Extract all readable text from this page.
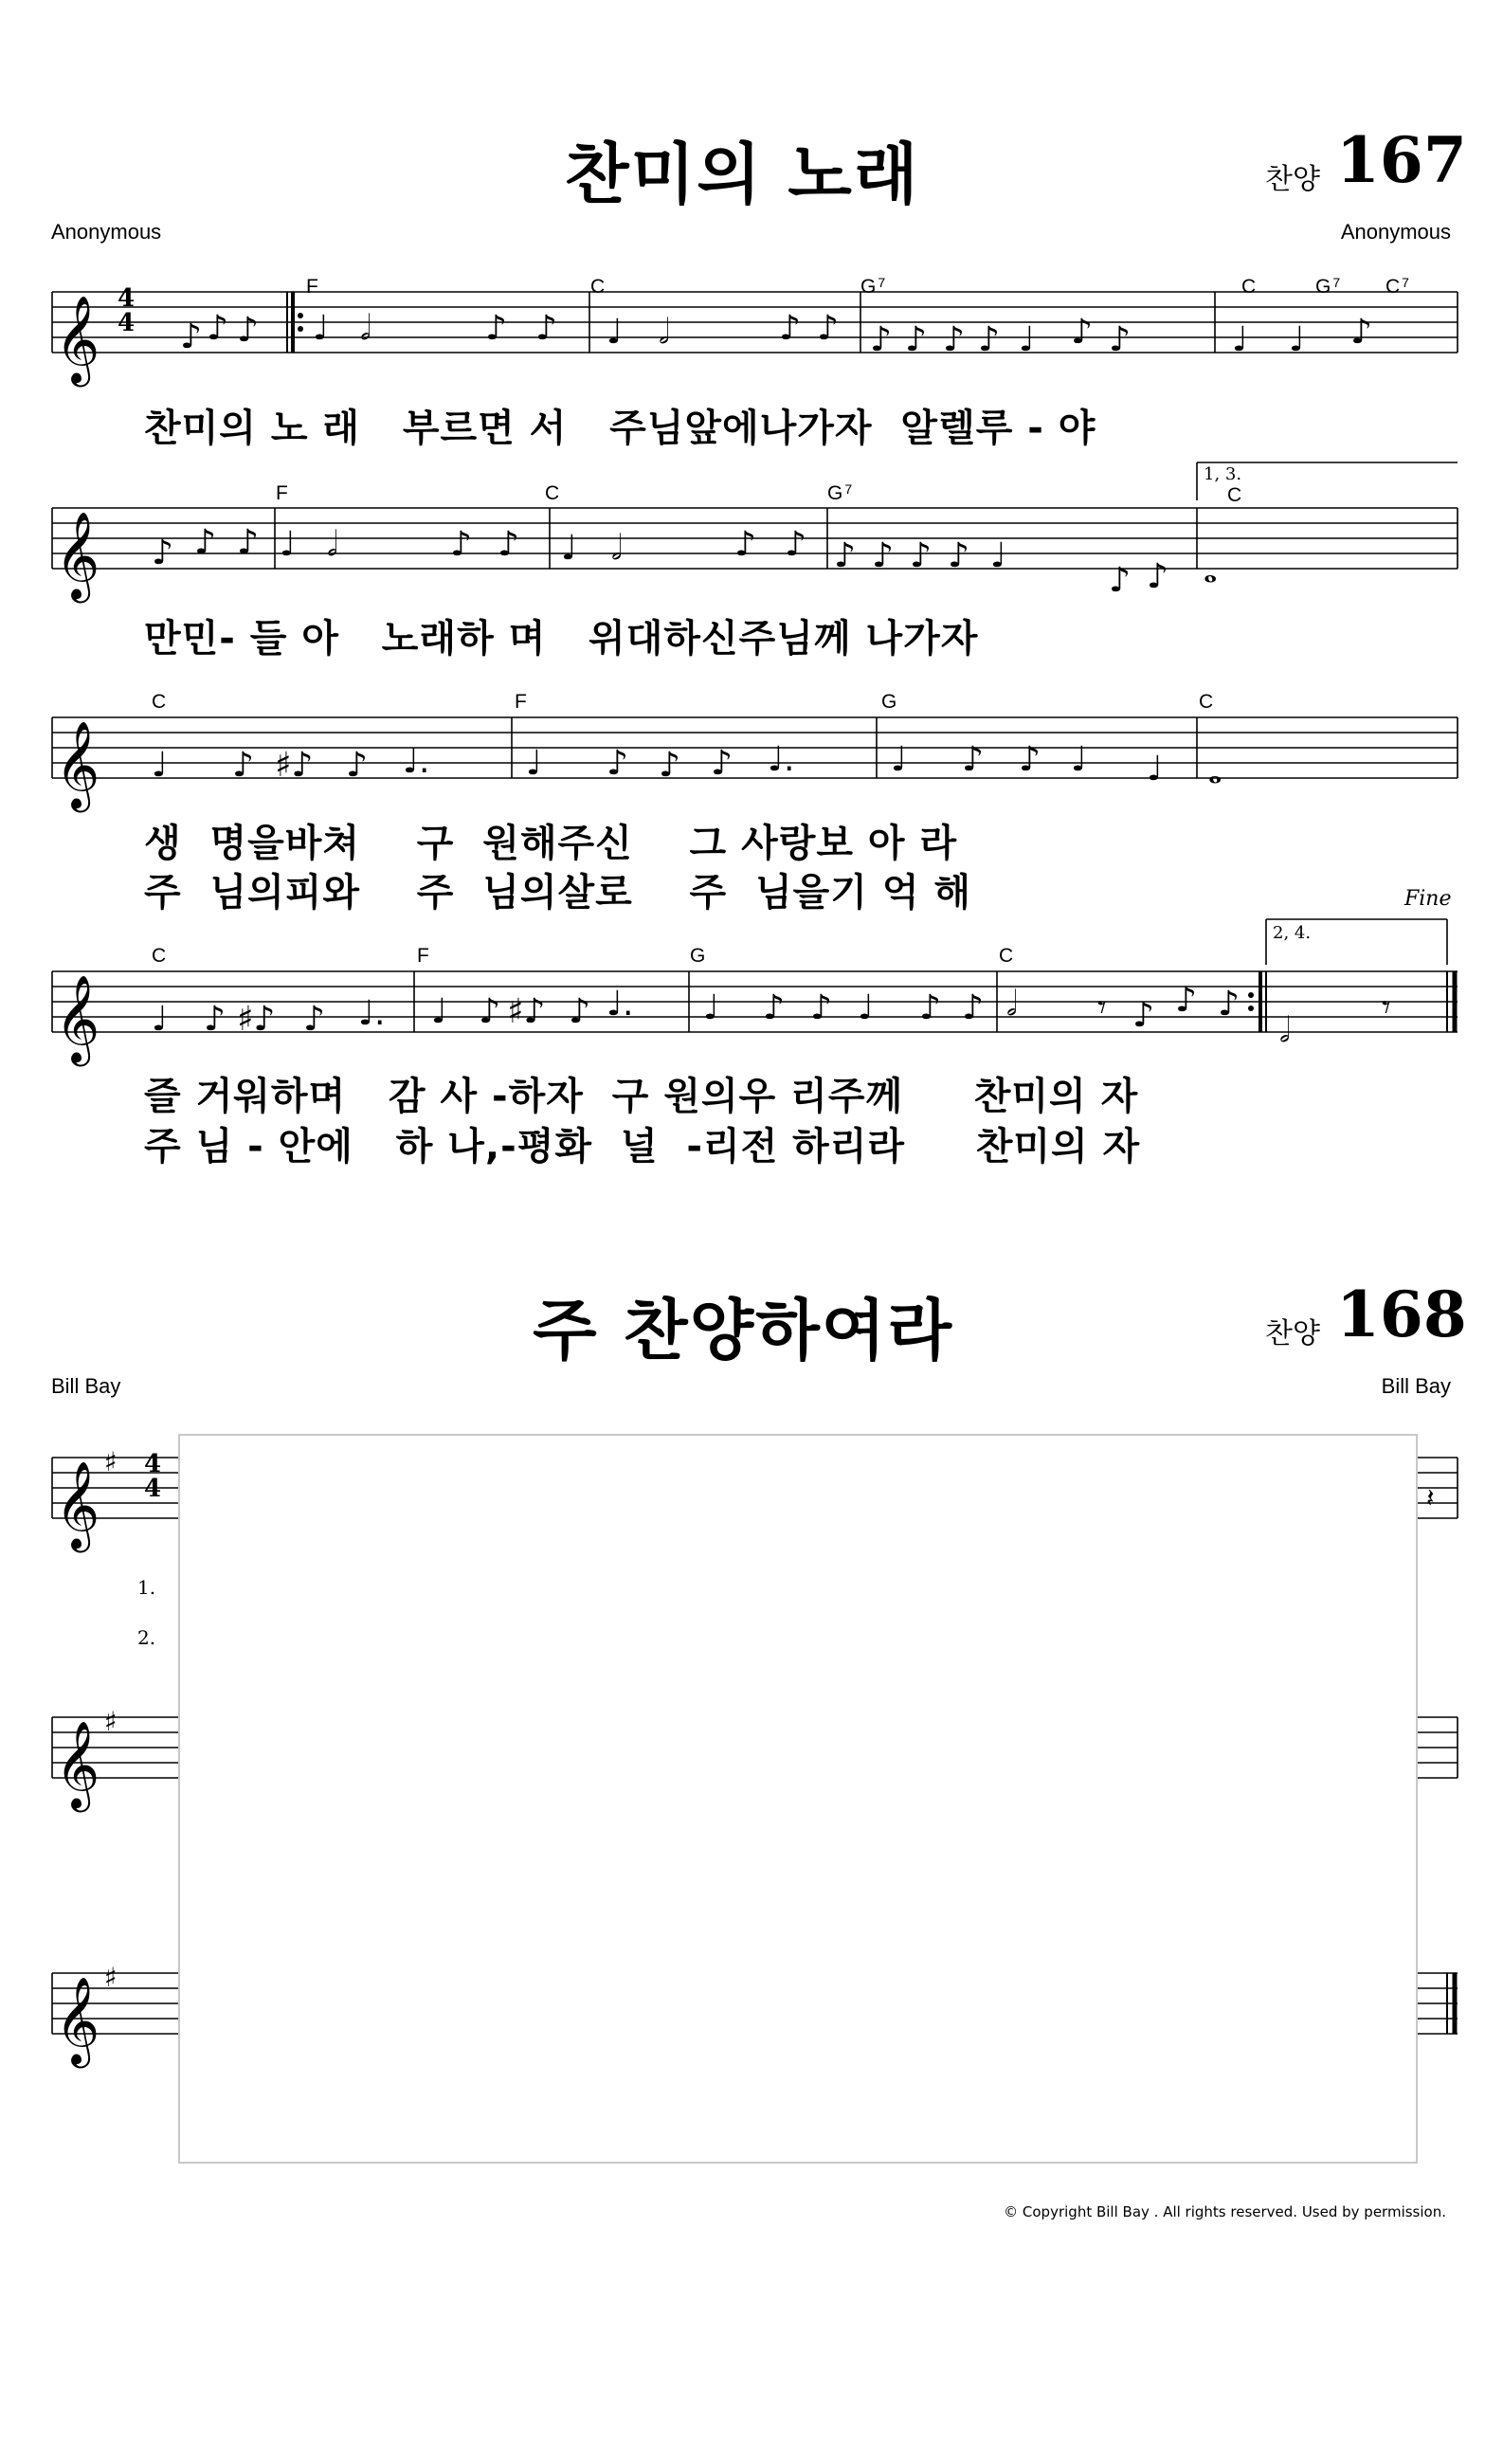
찬미의 노래	찬양 167
Anonymous	Anonymous
𝄞 ♪ ♪ ♪ ♩ 𝅗𝅥	♪ ♪ ♩ 𝅗𝅥	♪ ♪ ♪ ♪ ♪ ♪ ♩ ♪ ♪	♩ ♩ ♪
4
4
F	C	G $^7$	C	G $^7$ C $^7$
찬미의 노 래   부르면 서   주님앞에나가자  알렐루 - 야
𝄞 ♪ ♪ ♪ ♩ 𝅗𝅥	♪ ♪ ♩ 𝅗𝅥	♪ ♪ ♪ ♪ ♪ ♪ ♩
♪ ♪ 𝅝
1, 3.
F	C	G $^7$	C
만민- 들 아   노래하 며   위대하신주님께 나가자
𝄞 ♩ ♪ ♯♪ ♪ ♩.	♩ ♪ ♪ ♪ ♩.	♩ ♪ ♪ ♩ ♩ 𝅝
C	F	G	C
생  명을바쳐    구  원해주신    그 사랑보 아 라
주  님의피와    주  님의살로    주  님을기 억 해	Fine
𝄞 ♩ ♪ ♯♪ ♪ ♩. ♩ ♪ ♯♪ ♪ ♩. ♩ ♪ ♪ ♩ ♪ ♪ 𝅗𝅥 𝄾 ♪ ♪ ♪
𝅗𝅥
𝄾
2, 4.
C	F	G	C
즐 거워하며   감 사 -하자  구 원의우 리주께     찬미의 자
주 님 - 안에   하 나,-평화  널  -리전 하리라     찬미의 자
주 찬양하여라	찬양 168
Bill Bay	Bill Bay
𝄞 ♯
𝄞 ♯
𝄞 ♯
𝄽
4
4
1.
2.
© Copyright Bill Bay . All rights reserved. Used by permission.
